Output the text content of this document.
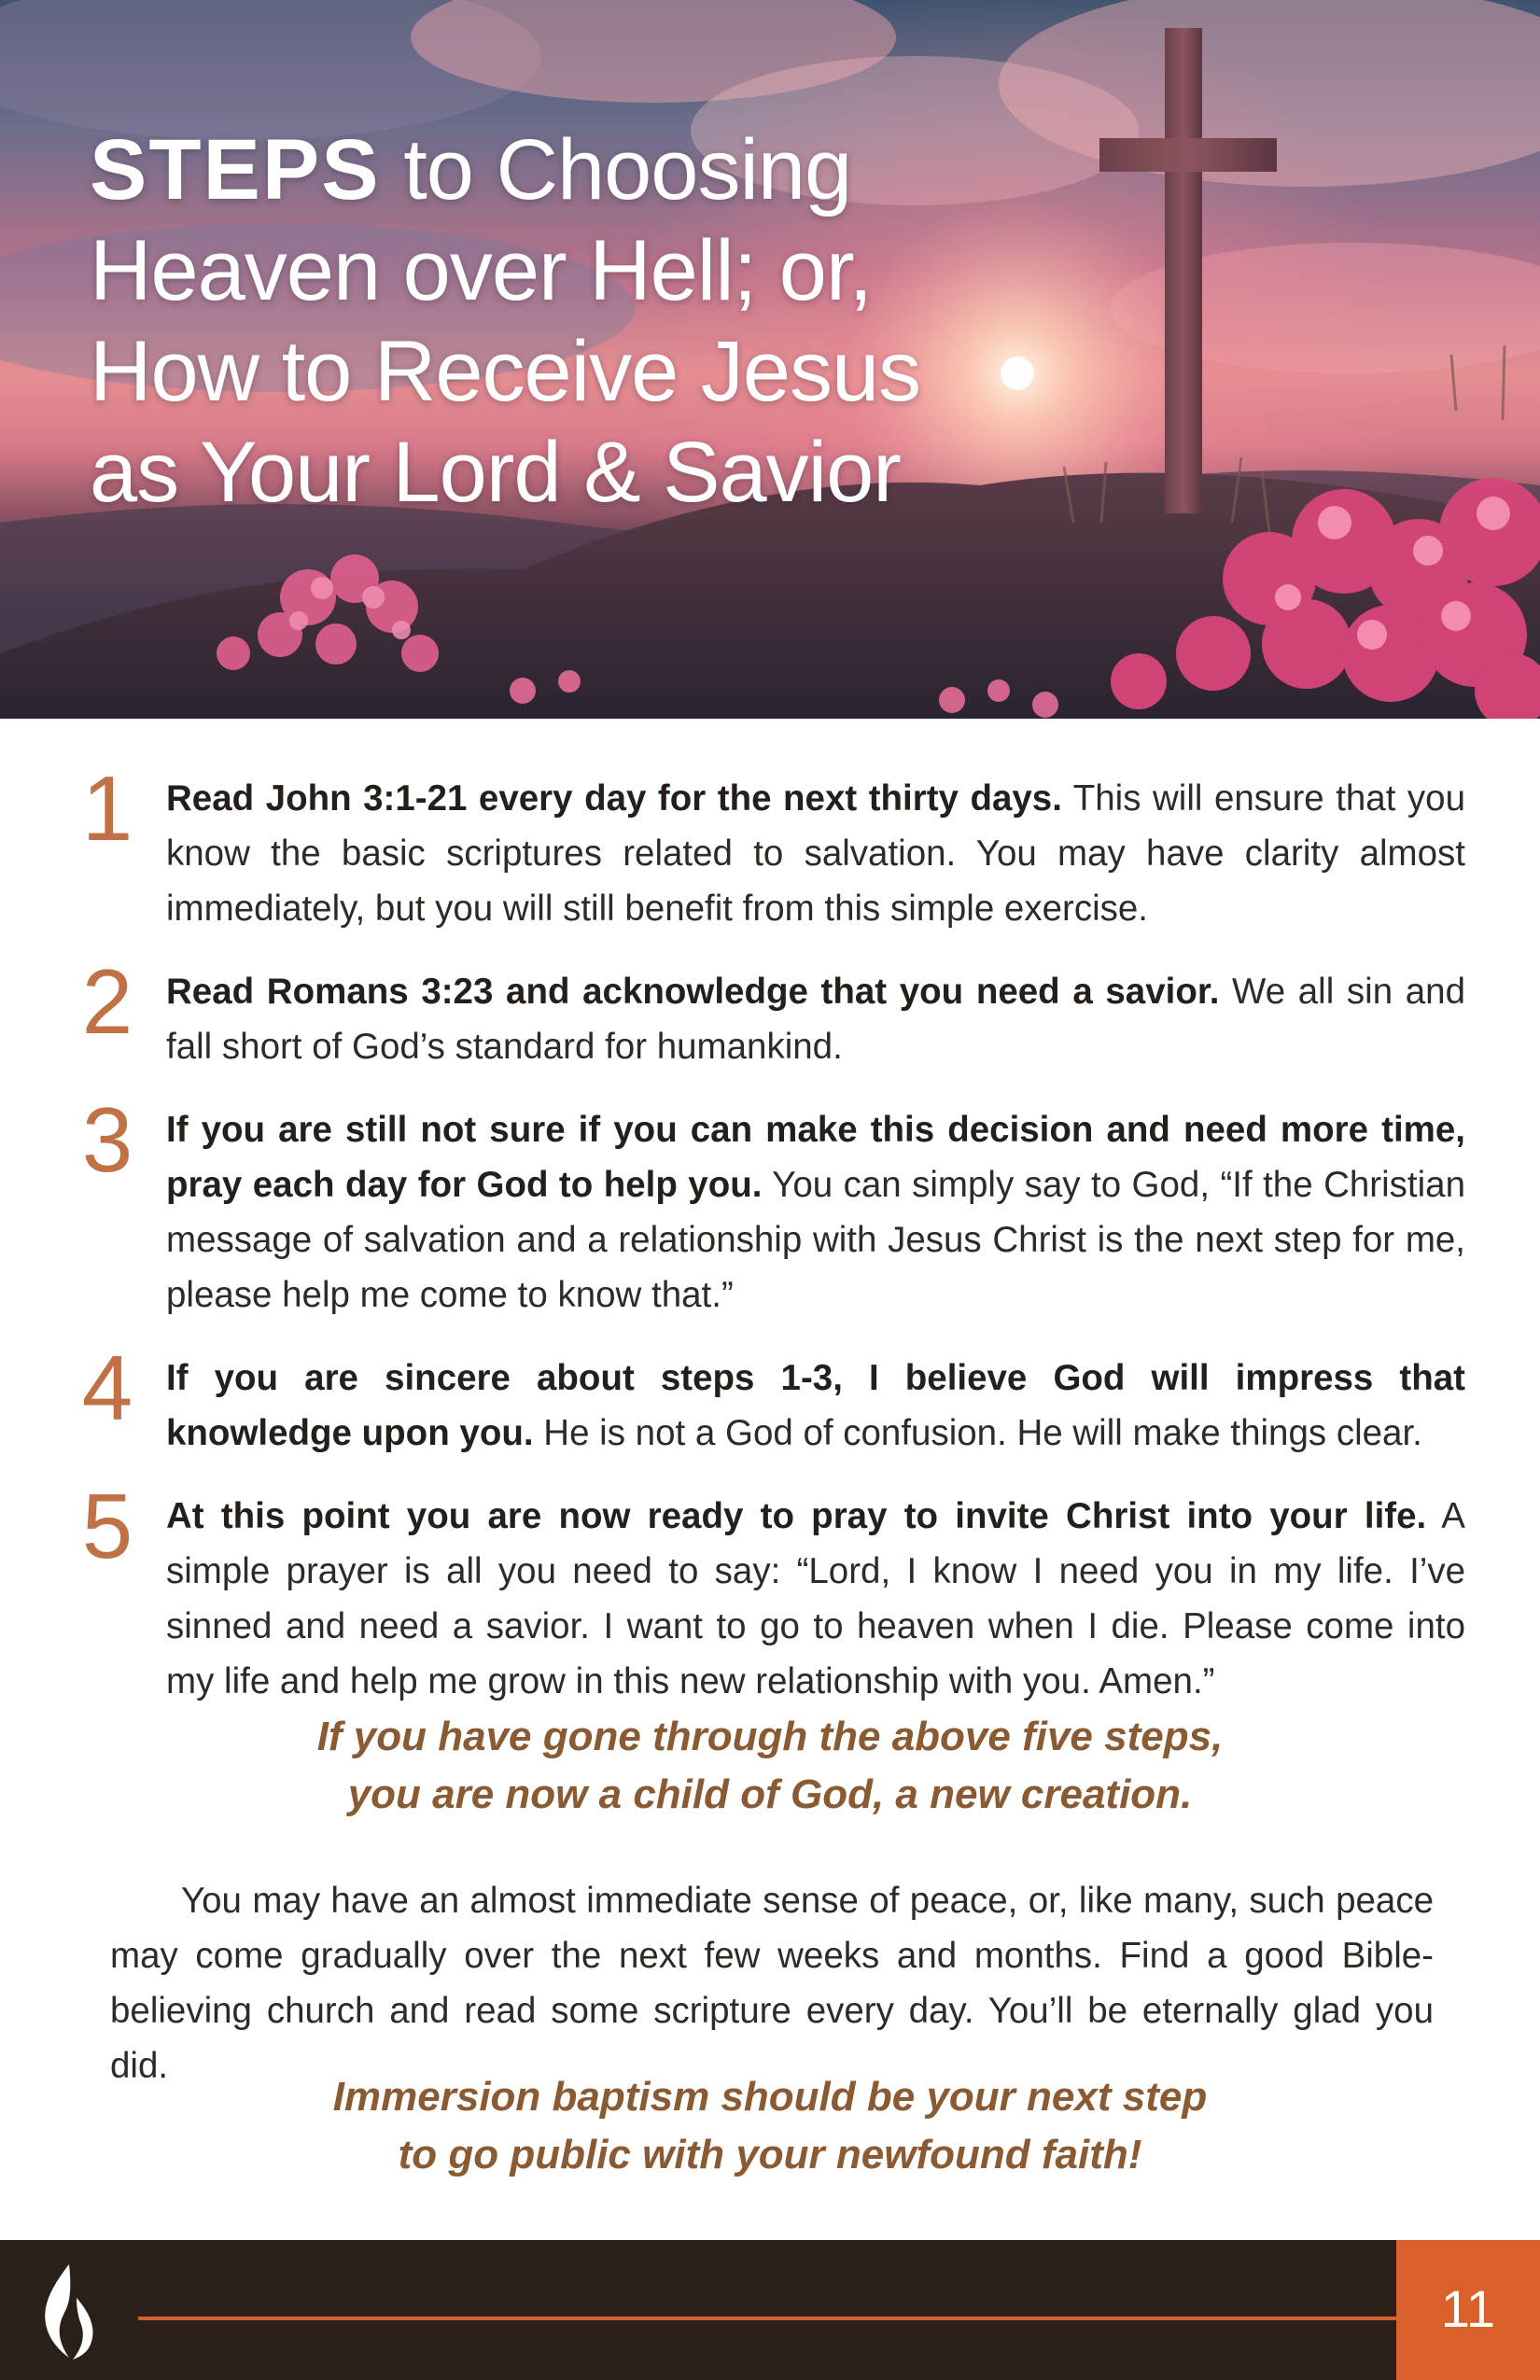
STEPS to Choosing Heaven over Hell; or, How to Receive Jesus as Your Lord & Savior
1 Read John 3:1-21 every day for the next thirty days. This will ensure that you know the basic scriptures related to salvation. You may have clarity almost immediately, but you will still benefit from this simple exercise.
2 Read Romans 3:23 and acknowledge that you need a savior. We all sin and fall short of God’s standard for humankind.
3 If you are still not sure if you can make this decision and need more time, pray each day for God to help you. You can simply say to God, “If the Christian message of salvation and a relationship with Jesus Christ is the next step for me, please help me come to know that.”
4 If you are sincere about steps 1-3, I believe God will impress that knowledge upon you. He is not a God of confusion. He will make things clear.
5 At this point you are now ready to pray to invite Christ into your life. A simple prayer is all you need to say: “Lord, I know I need you in my life. I’ve sinned and need a savior. I want to go to heaven when I die. Please come into my life and help me grow in this new relationship with you. Amen.”
If you have gone through the above five steps,
you are now a child of God, a new creation.

You may have an almost immediate sense of peace, or, like many, such peace may come gradually over the next few weeks and months. Find a good Bible-believing church and read some scripture every day. You’ll be eternally glad you did.

Immersion baptism should be your next step
to go public with your newfound faith!
11
